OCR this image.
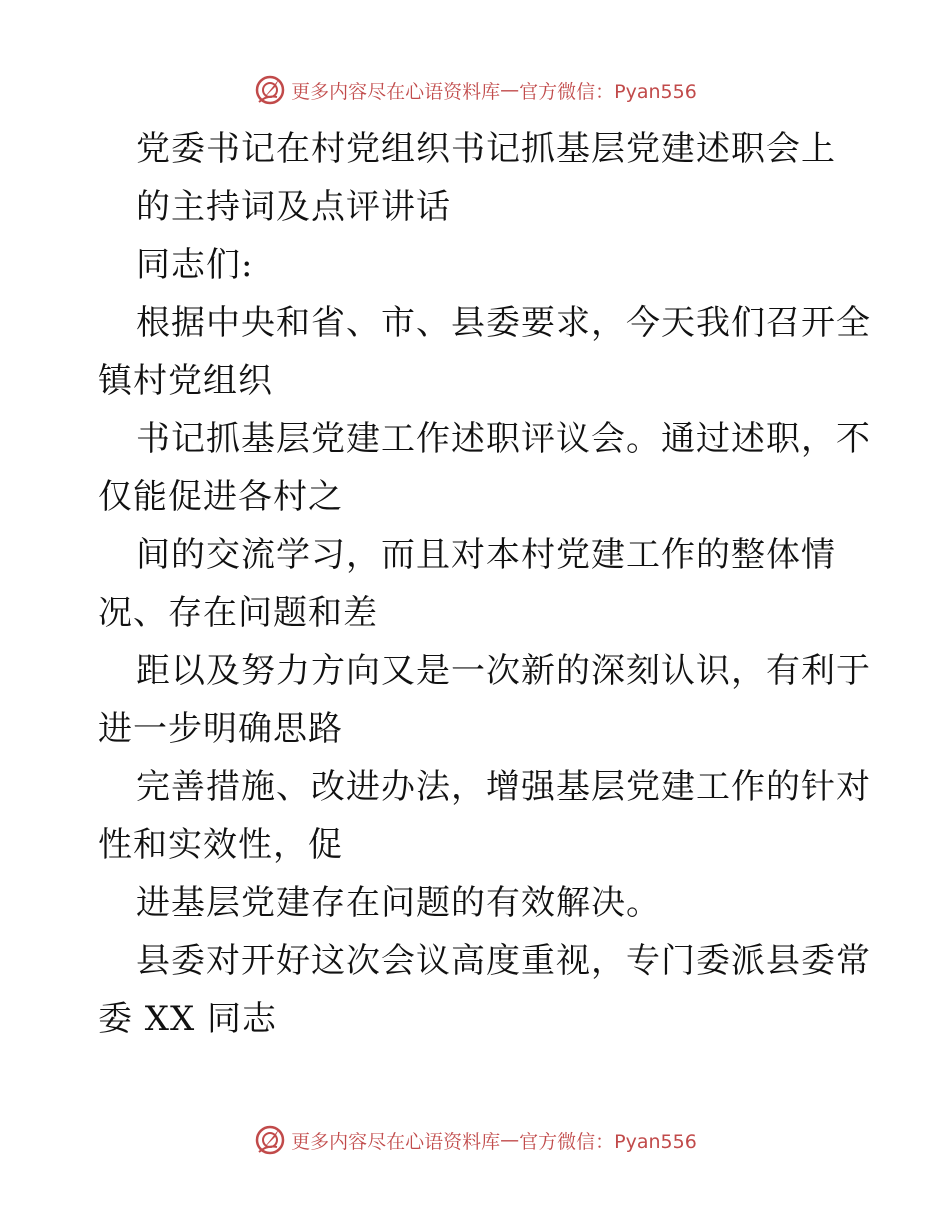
更多内容尽在心语资料库 — 官方微信：Pyan556
党委书记在村党组织书记抓基层党建述职会上
的主持词及点评讲话
同志们:
根据中央和省、市、县委要求，今天我们召开全
镇村党组织
书记抓基层党建工作述职评议会。通过述职，不
仅能促进各村之
间的交流学习，而且对本村党建工作的整体情
况、存在问题和差
距以及努力方向又是一次新的深刻认识，有利于
进一步明确思路
完善措施、改进办法，增强基层党建工作的针对
性和实效性，促
进基层党建存在问题的有效解决。
县委对开好这次会议高度重视，专门委派县委常
委 XX 同志
更多内容尽在心语资料库 — 官方微信：Pyan556
